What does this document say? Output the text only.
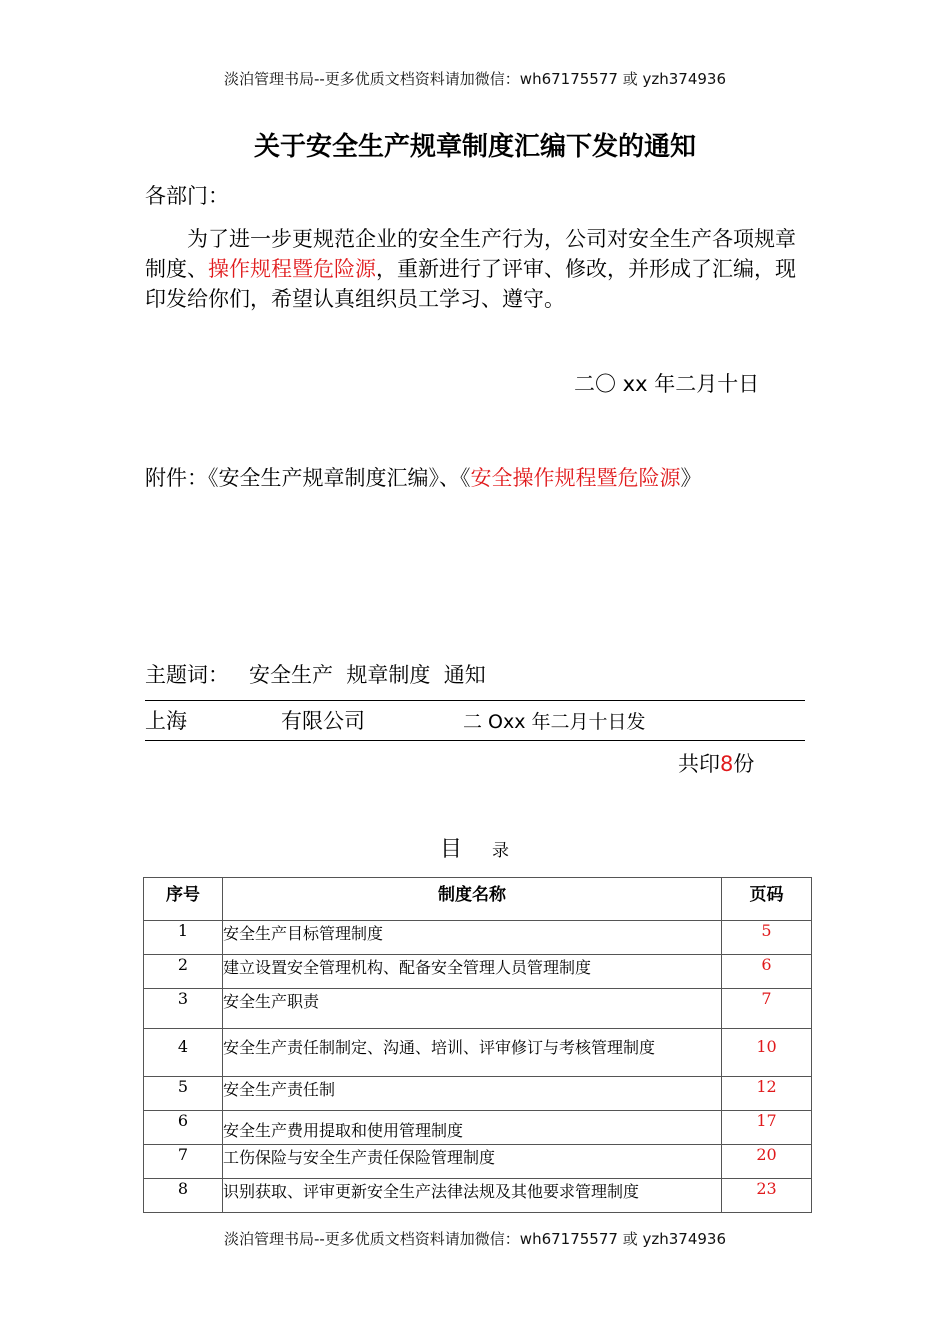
淡泊管理书局--更多优质文档资料请加微信：wh67175577 或 yzh374936
关于安全生产规章制度汇编下发的通知
各部门：
为了进一步更规范企业的安全生产行为，公司对安全生产各项规章制度、操作规程暨危险源，重新进行了评审、修改，并形成了汇编，现印发给你们，希望认真组织员工学习、遵守。
二〇 xx 年二月十日
附件：《安全生产规章制度汇编》、《安全操作规程暨危险源》
主题词：   安全生产  规章制度  通知
上海	有限公司	二 Oxx 年二月十日发
共印8份
目 录
序号	制度名称	页码
1	安全生产目标管理制度	5
2	建立设置安全管理机构、配备安全管理人员管理制度	6
3	安全生产职责	7
4	安全生产责任制制定、沟通、培训、评审修订与考核管理制度	10
5	安全生产责任制	12
6	安全生产费用提取和使用管理制度	17
7	工伤保险与安全生产责任保险管理制度	20
8	识别获取、评审更新安全生产法律法规及其他要求管理制度	23
淡泊管理书局--更多优质文档资料请加微信：wh67175577 或 yzh374936
